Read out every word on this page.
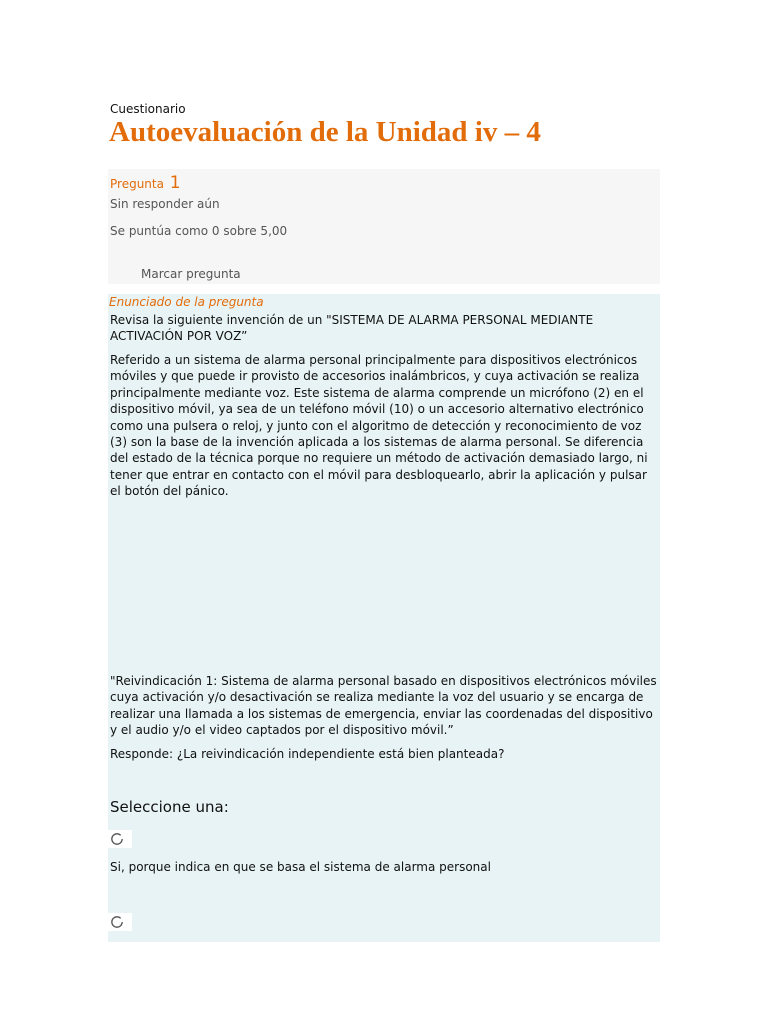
Cuestionario
Autoevaluación de la Unidad iv – 4
Pregunta 1
Sin responder aún
Se puntúa como 0 sobre 5,00
Marcar pregunta
Enunciado de la pregunta

Revisa la siguiente invención de un "SISTEMA DE ALARMA PERSONAL MEDIANTE ACTIVACIÓN POR VOZ”

Referido a un sistema de alarma personal principalmente para dispositivos electrónicos móviles y que puede ir provisto de accesorios inalámbricos, y cuya activación se realiza principalmente mediante voz. Este sistema de alarma comprende un micrófono (2) en el dispositivo móvil, ya sea de un teléfono móvil (10) o un accesorio alternativo electrónico como una pulsera o reloj, y junto con el algoritmo de detección y reconocimiento de voz (3) son la base de la invención aplicada a los sistemas de alarma personal. Se diferencia del estado de la técnica porque no requiere un método de activación demasiado largo, ni tener que entrar en contacto con el móvil para desbloquearlo, abrir la aplicación y pulsar el botón del pánico.

"Reivindicación 1: Sistema de alarma personal basado en dispositivos electrónicos móviles cuya activación y/o desactivación se realiza mediante la voz del usuario y se encarga de realizar una llamada a los sistemas de emergencia, enviar las coordenadas del dispositivo y el audio y/o el video captados por el dispositivo móvil.”

Responde: ¿La reivindicación independiente está bien planteada?

Seleccione una:
Si, porque indica en que se basa el sistema de alarma personal
